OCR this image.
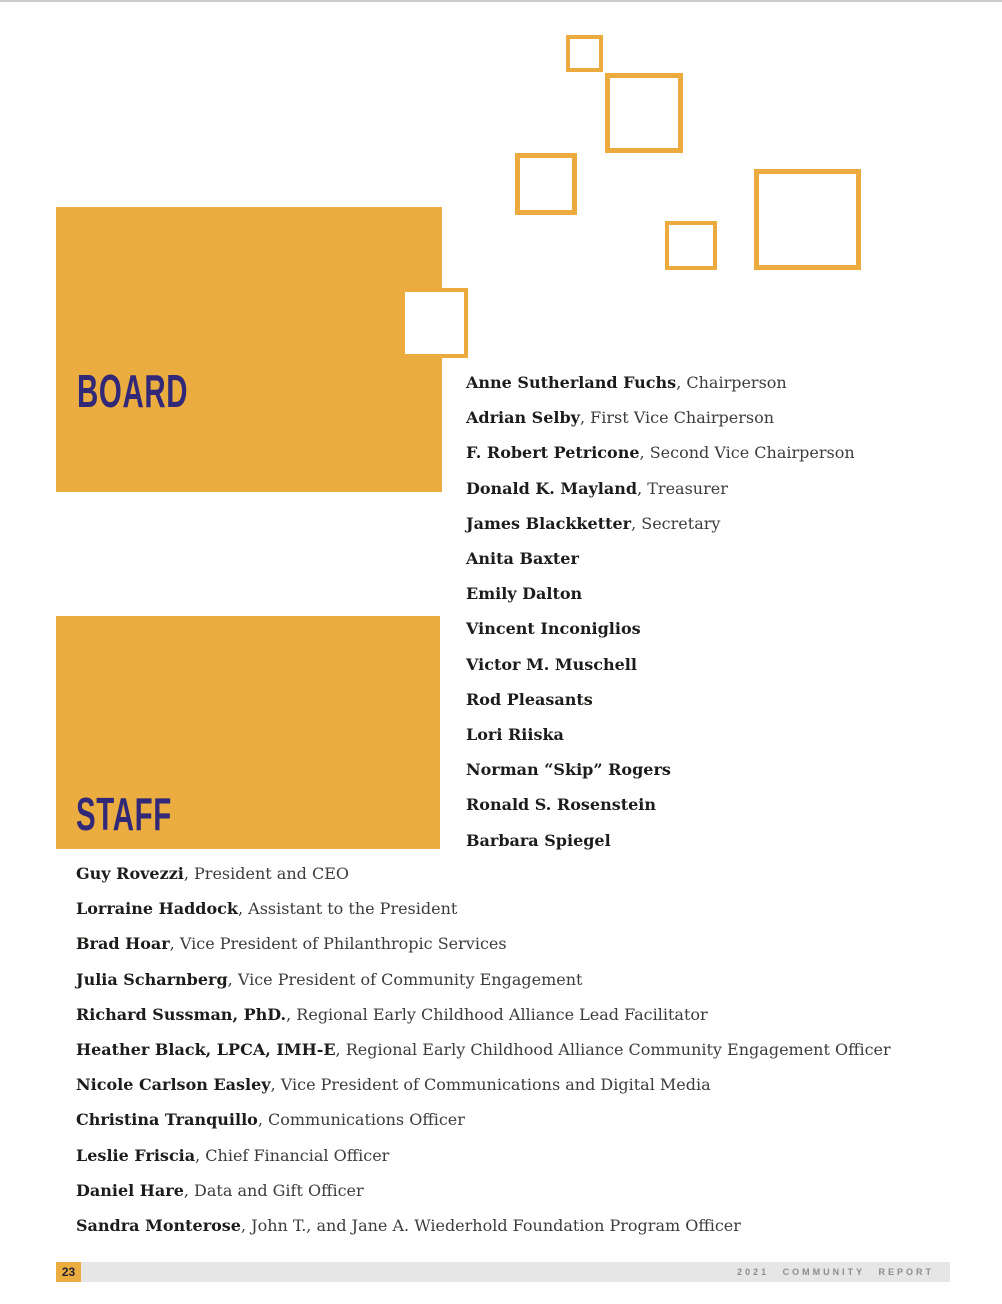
BOARD	Anne Sutherland Fuchs, Chairperson
Adrian Selby, First Vice Chairperson
F. Robert Petricone, Second Vice Chairperson
Donald K. Mayland, Treasurer
James Blackketter, Secretary
Anita Baxter
Emily Dalton
Vincent Inconiglios
Victor M. Muschell
Rod Pleasants
Lori Riiska
Norman “Skip” Rogers
Ronald S. Rosenstein
Barbara Spiegel
STAFF
Guy Rovezzi, President and CEO
Lorraine Haddock, Assistant to the President
Brad Hoar, Vice President of Philanthropic Services
Julia Scharnberg, Vice President of Community Engagement
Richard Sussman, PhD., Regional Early Childhood Alliance Lead Facilitator
Heather Black, LPCA, IMH-E, Regional Early Childhood Alliance Community Engagement Officer
Nicole Carlson Easley, Vice President of Communications and Digital Media
Christina Tranquillo, Communications Officer
Leslie Friscia, Chief Financial Officer
Daniel Hare, Data and Gift Officer
Sandra Monterose, John T., and Jane A. Wiederhold Foundation Program Officer
23	2021 COMMUNITY REPORT
